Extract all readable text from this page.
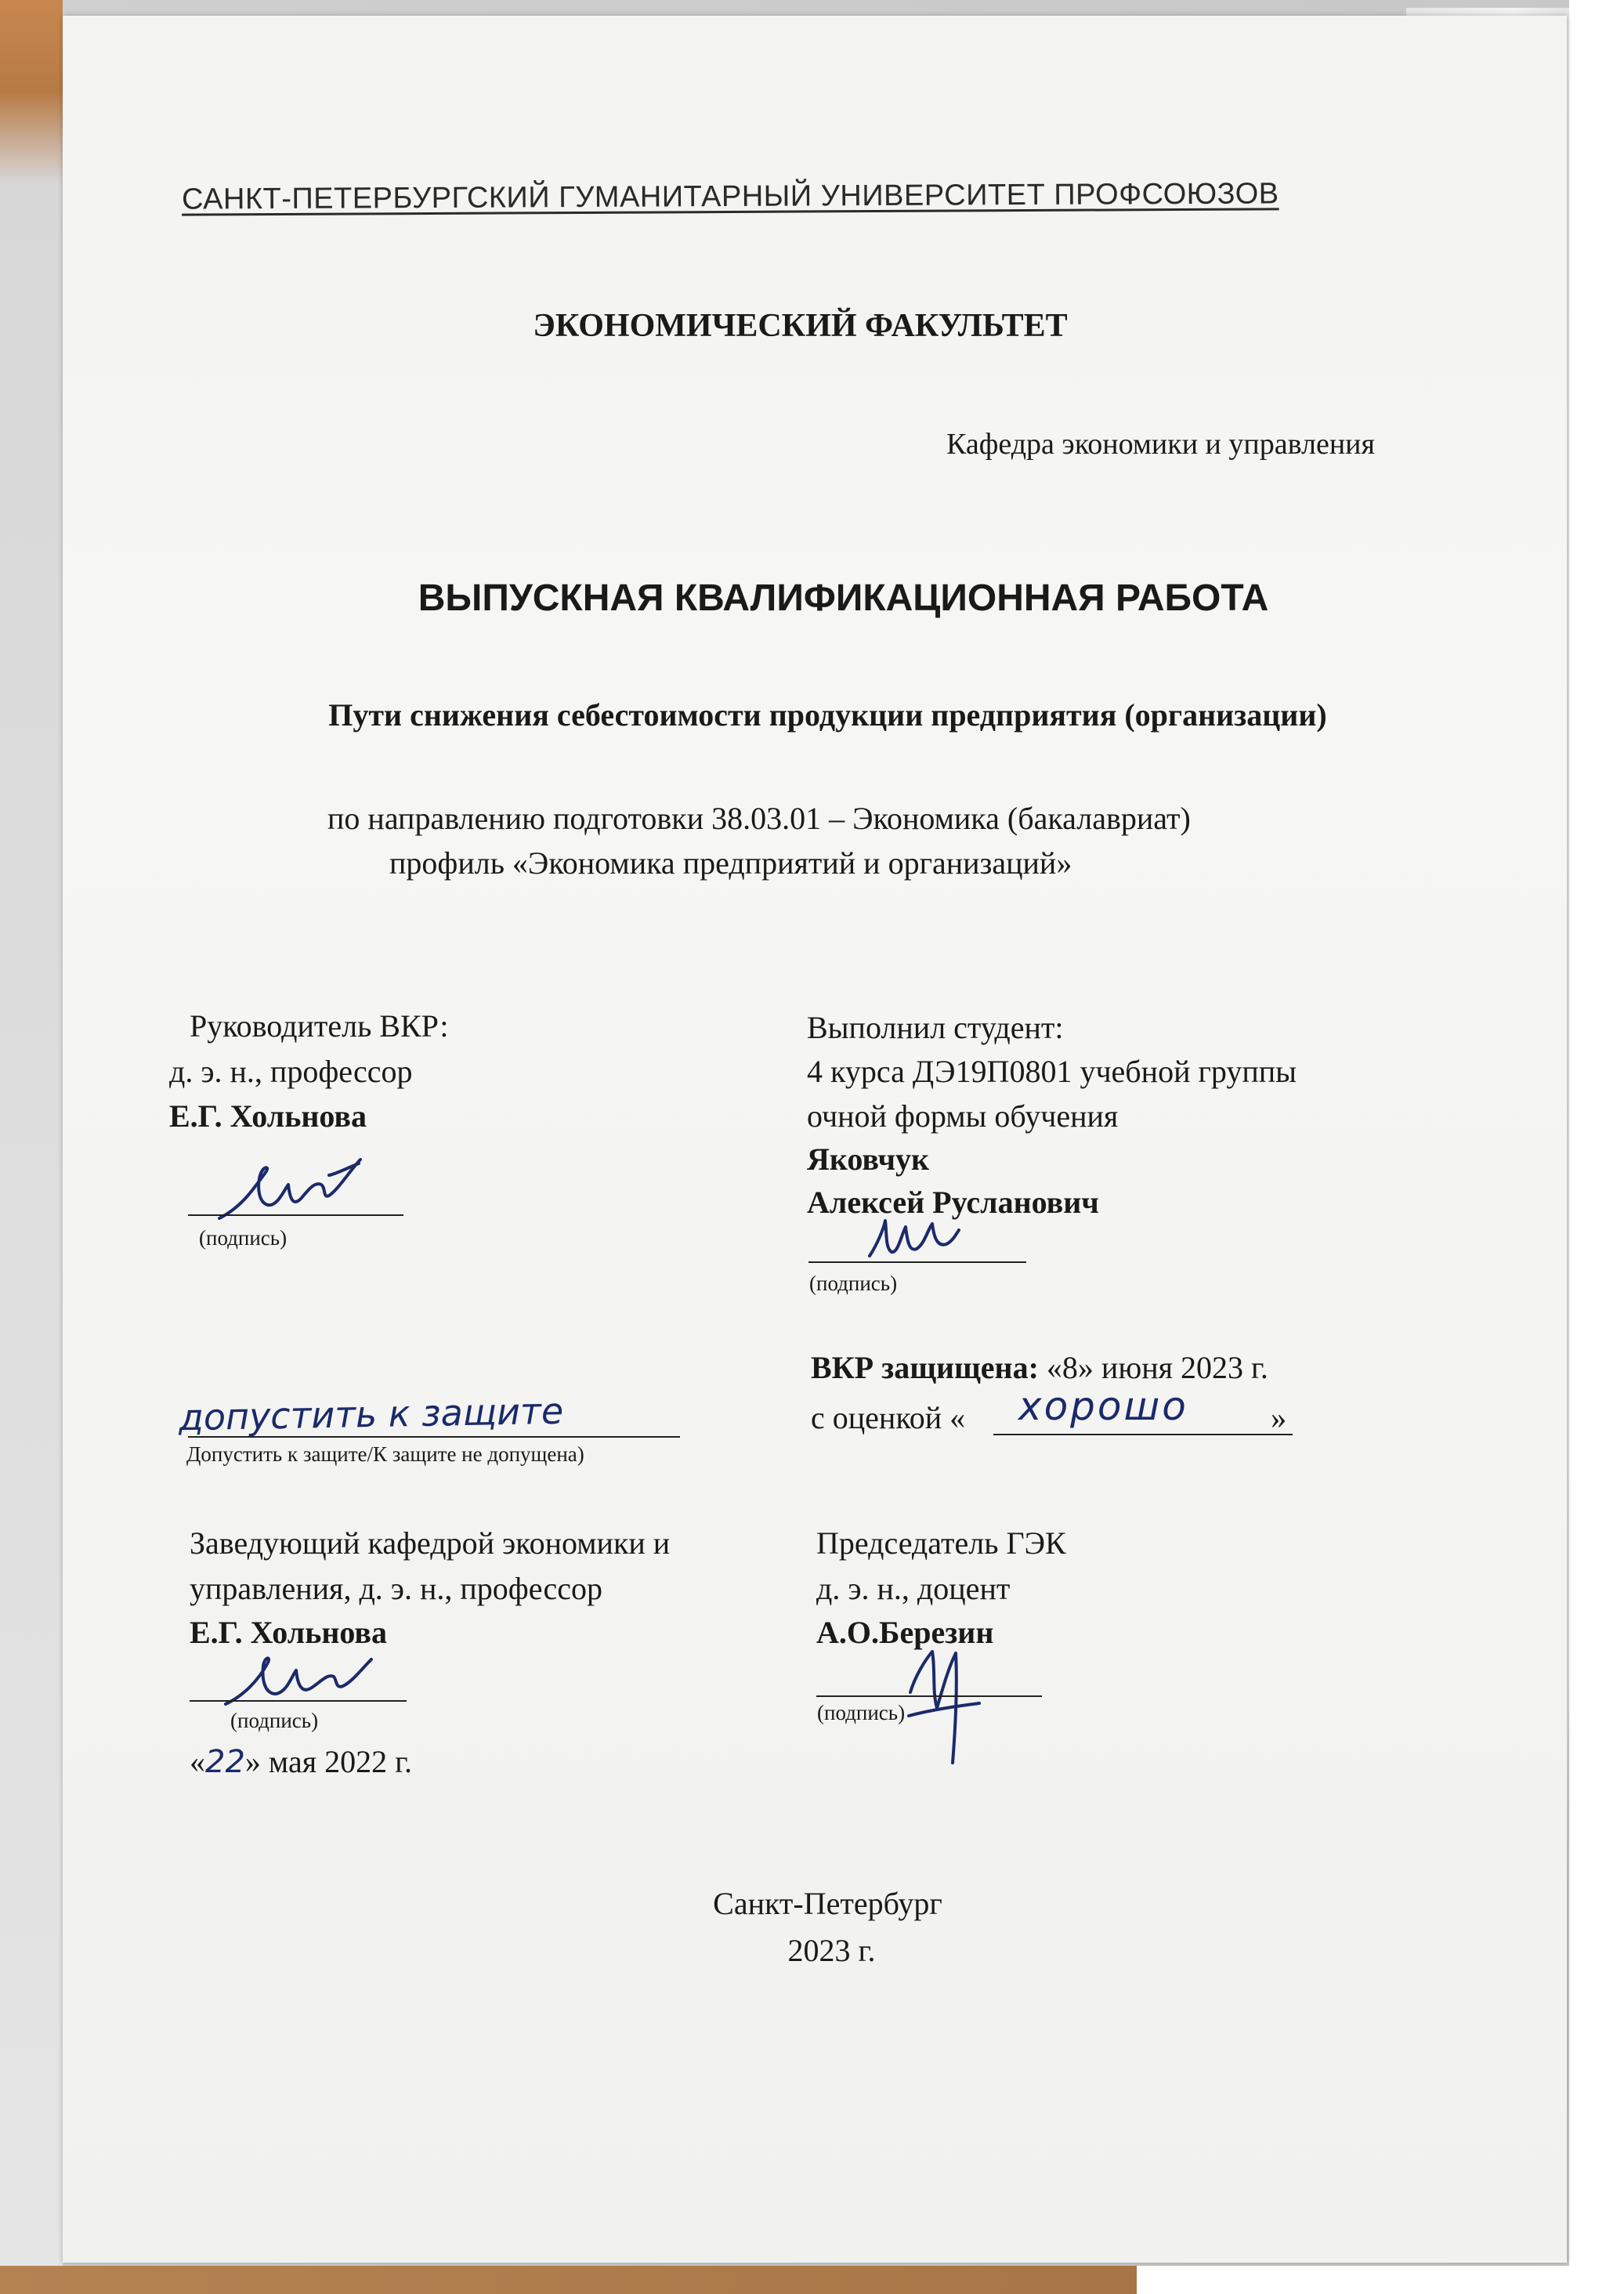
САНКТ-ПЕТЕРБУРГСКИЙ ГУМАНИТАРНЫЙ УНИВЕРСИТЕТ ПРОФСОЮЗОВ
ЭКОНОМИЧЕСКИЙ ФАКУЛЬТЕТ
Кафедра экономики и управления
ВЫПУСКНАЯ КВАЛИФИКАЦИОННАЯ РАБОТА
Пути снижения себестоимости продукции предприятия (организации)
по направлению подготовки 38.03.01 – Экономика (бакалавриат)
профиль «Экономика предприятий и организаций»
Руководитель ВКР:
д. э. н., профессор
Е.Г. Хольнова
(подпись)
Выполнил студент:
4 курса ДЭ19П0801 учебной группы
очной формы обучения
Яковчук
Алексей Русланович
(подпись)
допустить к защите
Допустить к защите/К защите не допущена)
ВКР защищена: «8» июня 2023 г.
с оценкой «	»
хорошо
Заведующий кафедрой экономики и
управления, д. э. н., профессор
Е.Г. Хольнова
(подпись)
«22» мая 2022 г.
Председатель ГЭК
д. э. н., доцент
А.О.Березин
(подпись)
Санкт-Петербург
2023 г.
